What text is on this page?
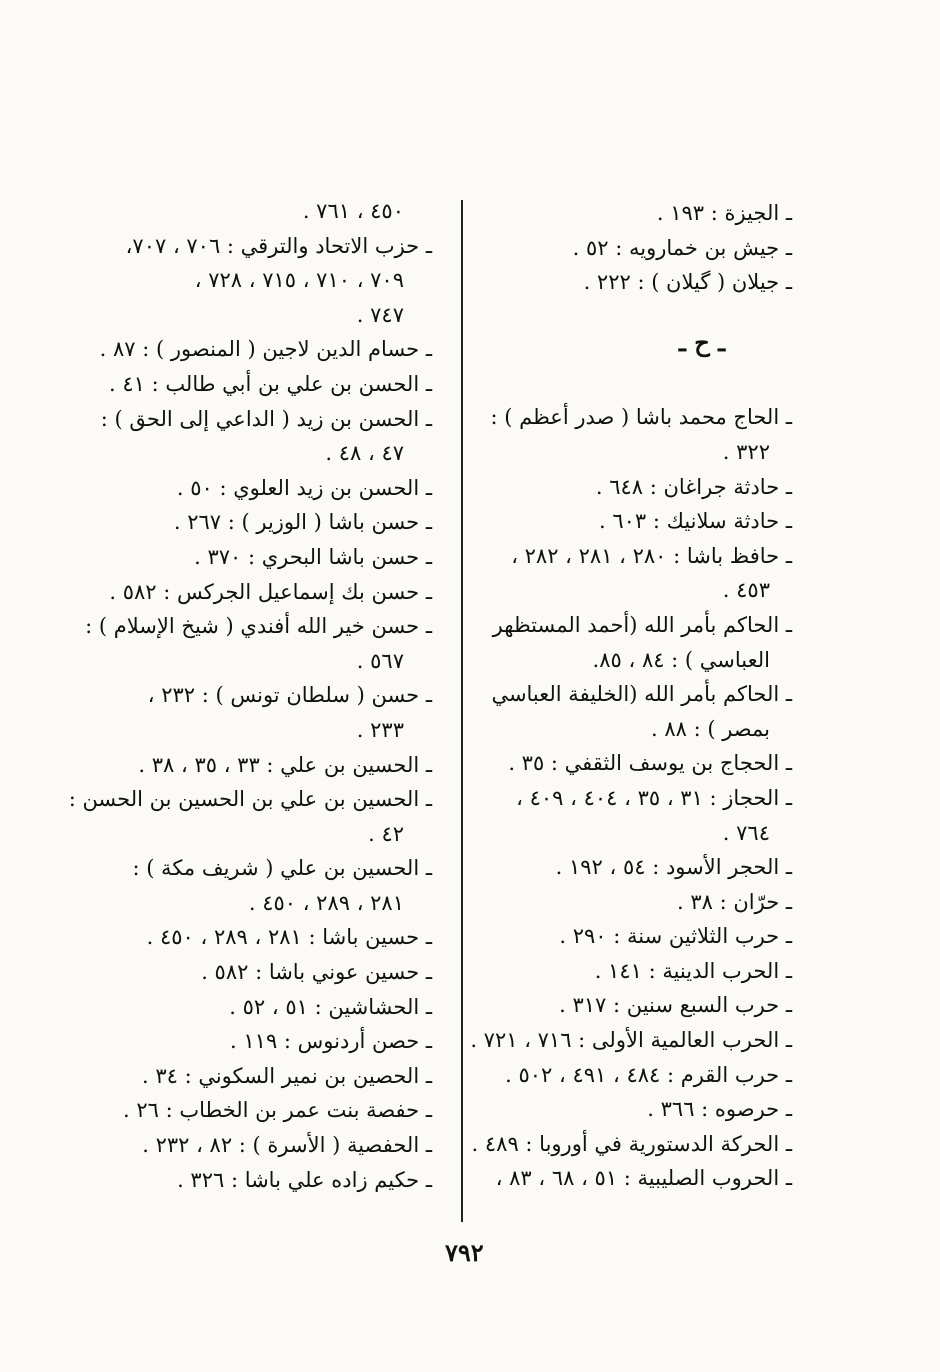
ـ الجيزة : ١٩٣ .
ـ جيش بن خمارويه : ٥٢ .
ـ جيلان ( گيلان ) : ٢٢٢ .
ـ ح ـ
ـ الحاج محمد باشا ( صدر أعظم ) :
٣٢٢ .
ـ حادثة جراغان : ٦٤٨ .
ـ حادثة سلانيك : ٦٠٣ .
ـ حافظ باشا : ٢٨٠ ، ٢٨١ ، ٢٨٢ ،
٤٥٣ .
ـ الحاكم بأمر الله (أحمد المستظهر
العباسي ) : ٨٤ ، ٨٥.
ـ الحاكم بأمر الله (الخليفة العباسي
بمصر ) : ٨٨ .
ـ الحجاج بن يوسف الثقفي : ٣٥ .
ـ الحجاز : ٣١ ، ٣٥ ، ٤٠٤ ، ٤٠٩ ،
٧٦٤ .
ـ الحجر الأسود : ٥٤ ، ١٩٢ .
ـ حرّان : ٣٨ .
ـ حرب الثلاثين سنة : ٢٩٠ .
ـ الحرب الدينية : ١٤١ .
ـ حرب السبع سنين : ٣١٧ .
ـ الحرب العالمية الأولى : ٧١٦ ، ٧٢١ .
ـ حرب القرم : ٤٨٤ ، ٤٩١ ، ٥٠٢ .
ـ حرصوه : ٣٦٦ .
ـ الحركة الدستورية في أوروبا : ٤٨٩ .
ـ الحروب الصليبية : ٥١ ، ٦٨ ، ٨٣ ،
٤٥٠ ، ٧٦١ .
ـ حزب الاتحاد والترقي : ٧٠٦ ، ٧٠٧،
٧٠٩ ، ٧١٠ ، ٧١٥ ، ٧٢٨ ،
٧٤٧ .
ـ حسام الدين لاجين ( المنصور ) : ٨٧ .
ـ الحسن بن علي بن أبي طالب : ٤١ .
ـ الحسن بن زيد ( الداعي إلى الحق ) :
٤٧ ، ٤٨ .
ـ الحسن بن زيد العلوي : ٥٠ .
ـ حسن باشا ( الوزير ) : ٢٦٧ .
ـ حسن باشا البحري : ٣٧٠ .
ـ حسن بك إسماعيل الجركس : ٥٨٢ .
ـ حسن خير الله أفندي ( شيخ الإسلام ) :
٥٦٧ .
ـ حسن ( سلطان تونس ) : ٢٣٢ ،
٢٣٣ .
ـ الحسين بن علي : ٣٣ ، ٣٥ ، ٣٨ .
ـ الحسين بن علي بن الحسين بن الحسن :
٤٢ .
ـ الحسين بن علي ( شريف مكة ) :
٢٨١ ، ٢٨٩ ، ٤٥٠ .
ـ حسين باشا : ٢٨١ ، ٢٨٩ ، ٤٥٠ .
ـ حسين عوني باشا : ٥٨٢ .
ـ الحشاشين : ٥١ ، ٥٢ .
ـ حصن أردنوس : ١١٩ .
ـ الحصين بن نمير السكوني : ٣٤ .
ـ حفصة بنت عمر بن الخطاب : ٢٦ .
ـ الحفصية ( الأسرة ) : ٨٢ ، ٢٣٢ .
ـ حكيم زاده علي باشا : ٣٢٦ .
٧٩٢
